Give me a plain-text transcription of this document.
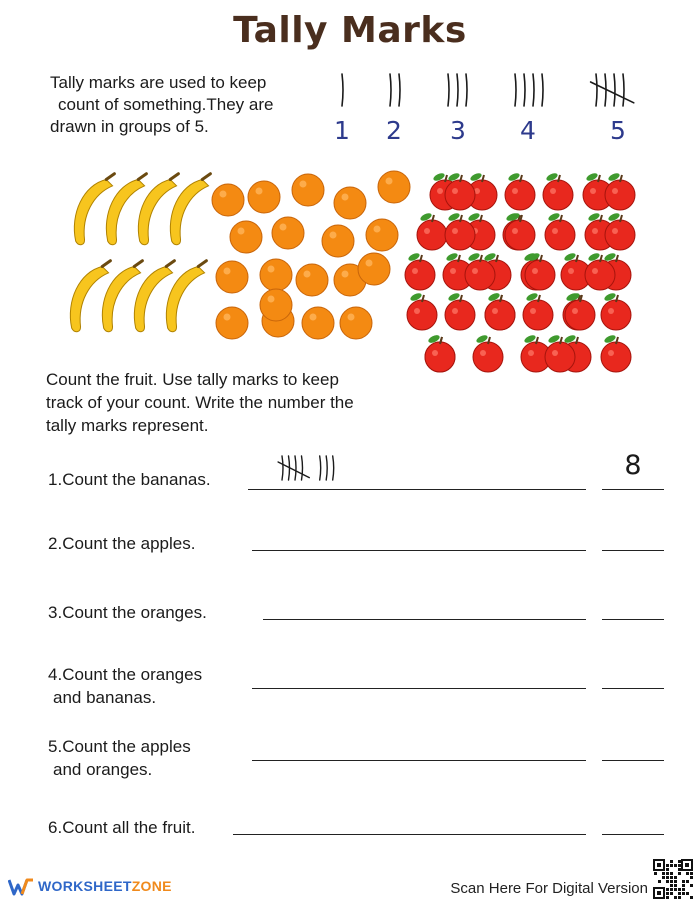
Tally Marks

Tally marks are used to keep

count of something.They are

drawn in groups of 5.	1 2 3 4	5

Count the fruit. Use tally marks to keep

track of your count. Write the number the

tally marks represent.

1.Count the bananas.	8
2.Count the apples.
3.Count the oranges.
4.Count the oranges
and bananas.
5.Count the apples
and oranges.
6.Count all the fruit.
WORKSHEETZONE	Scan Here For Digital Version
